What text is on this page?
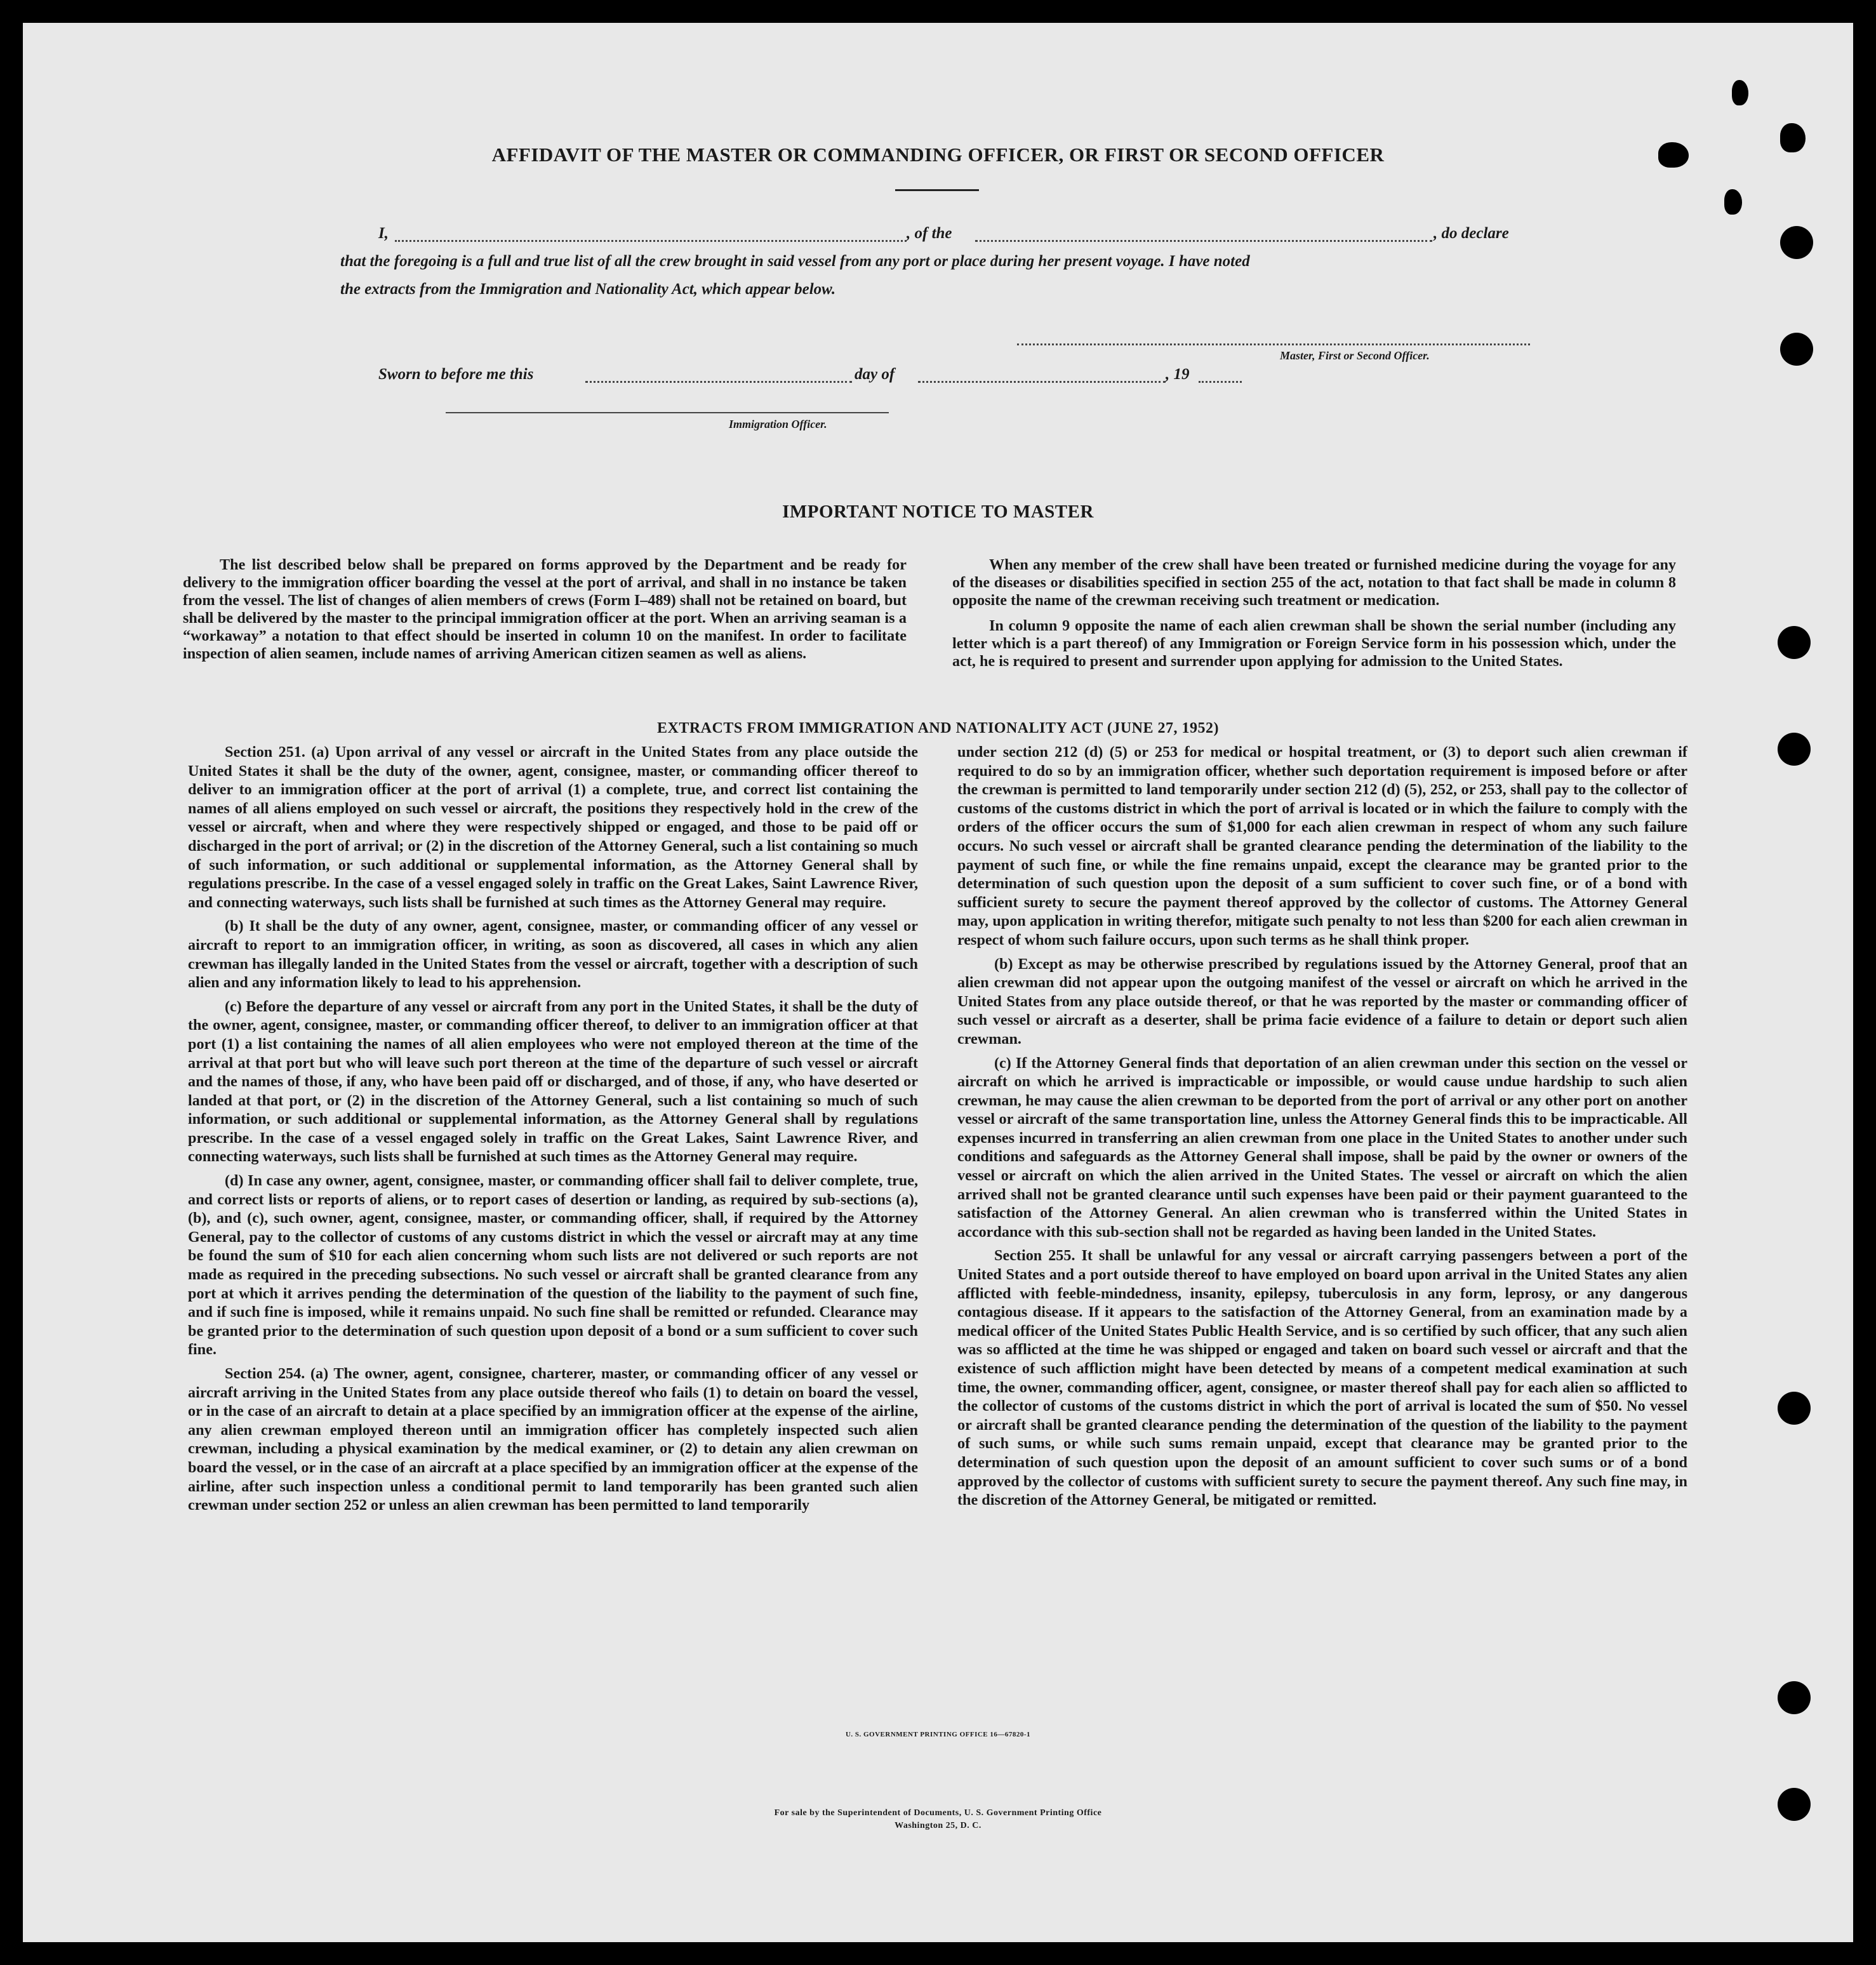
AFFIDAVIT OF THE MASTER OR COMMANDING OFFICER, OR FIRST OR SECOND OFFICER
I,	, of the	, do declare
that the foregoing is a full and true list of all the crew brought in said vessel from any port or place during her present voyage. I have noted
the extracts from the Immigration and Nationality Act, which appear below.
Master, First or Second Officer.
Sworn to before me this	day of	, 19
Immigration Officer.
IMPORTANT NOTICE TO MASTER

The list described below shall be prepared on forms approved by the Department and be ready for delivery to the immigration officer boarding the vessel at the port of arrival, and shall in no instance be taken from the vessel. The list of changes of alien members of crews (Form I–489) shall not be retained on board, but shall be delivered by the master to the principal immigration officer at the port. When an arriving seaman is a “workaway” a notation to that effect should be inserted in column 10 on the manifest. In order to facilitate inspection of alien seamen, include names of arriving American citizen seamen as well as aliens.

When any member of the crew shall have been treated or furnished medicine during the voyage for any of the diseases or disabilities specified in section 255 of the act, notation to that fact shall be made in column 8 opposite the name of the crewman receiving such treatment or medication.

In column 9 opposite the name of each alien crewman shall be shown the serial number (including any letter which is a part thereof) of any Immigration or Foreign Service form in his possession which, under the act, he is required to present and surrender upon applying for admission to the United States.

EXTRACTS FROM IMMIGRATION AND NATIONALITY ACT (JUNE 27, 1952)

Section 251. (a) Upon arrival of any vessel or aircraft in the United States from any place outside the United States it shall be the duty of the owner, agent, consignee, master, or commanding officer thereof to deliver to an immigration officer at the port of arrival (1) a complete, true, and correct list containing the names of all aliens employed on such vessel or aircraft, the positions they respectively hold in the crew of the vessel or aircraft, when and where they were respectively shipped or engaged, and those to be paid off or discharged in the port of arrival; or (2) in the discretion of the Attorney General, such a list containing so much of such information, or such additional or supplemental information, as the Attorney General shall by regulations prescribe. In the case of a vessel engaged solely in traffic on the Great Lakes, Saint Lawrence River, and connecting waterways, such lists shall be furnished at such times as the Attorney General may require.

(b) It shall be the duty of any owner, agent, consignee, master, or commanding officer of any vessel or aircraft to report to an immigration officer, in writing, as soon as discovered, all cases in which any alien crewman has illegally landed in the United States from the vessel or aircraft, together with a description of such alien and any information likely to lead to his apprehension.

(c) Before the departure of any vessel or aircraft from any port in the United States, it shall be the duty of the owner, agent, consignee, master, or commanding officer thereof, to deliver to an immigration officer at that port (1) a list containing the names of all alien employees who were not employed thereon at the time of the arrival at that port but who will leave such port thereon at the time of the departure of such vessel or aircraft and the names of those, if any, who have been paid off or discharged, and of those, if any, who have deserted or landed at that port, or (2) in the discretion of the Attorney General, such a list containing so much of such information, or such additional or supplemental information, as the Attorney General shall by regulations prescribe. In the case of a vessel engaged solely in traffic on the Great Lakes, Saint Lawrence River, and connecting waterways, such lists shall be furnished at such times as the Attorney General may require.

(d) In case any owner, agent, consignee, master, or commanding officer shall fail to deliver complete, true, and correct lists or reports of aliens, or to report cases of desertion or landing, as required by sub-sections (a), (b), and (c), such owner, agent, consignee, master, or commanding officer, shall, if required by the Attorney General, pay to the collector of customs of any customs district in which the vessel or aircraft may at any time be found the sum of $10 for each alien concerning whom such lists are not delivered or such reports are not made as required in the preceding subsections. No such vessel or aircraft shall be granted clearance from any port at which it arrives pending the determination of the question of the liability to the payment of such fine, and if such fine is imposed, while it remains unpaid. No such fine shall be remitted or refunded. Clearance may be granted prior to the determination of such question upon deposit of a bond or a sum sufficient to cover such fine.

Section 254. (a) The owner, agent, consignee, charterer, master, or commanding officer of any vessel or aircraft arriving in the United States from any place outside thereof who fails (1) to detain on board the vessel, or in the case of an aircraft to detain at a place specified by an immigration officer at the expense of the airline, any alien crewman employed thereon until an immigration officer has completely inspected such alien crewman, including a physical examination by the medical examiner, or (2) to detain any alien crewman on board the vessel, or in the case of an aircraft at a place specified by an immigration officer at the expense of the airline, after such inspection unless a conditional permit to land temporarily has been granted such alien crewman under section 252 or unless an alien crewman has been permitted to land temporarily

under section 212 (d) (5) or 253 for medical or hospital treatment, or (3) to deport such alien crewman if required to do so by an immigration officer, whether such deportation requirement is imposed before or after the crewman is permitted to land temporarily under section 212 (d) (5), 252, or 253, shall pay to the collector of customs of the customs district in which the port of arrival is located or in which the failure to comply with the orders of the officer occurs the sum of $1,000 for each alien crewman in respect of whom any such failure occurs. No such vessel or aircraft shall be granted clearance pending the determination of the liability to the payment of such fine, or while the fine remains unpaid, except the clearance may be granted prior to the determination of such question upon the deposit of a sum sufficient to cover such fine, or of a bond with sufficient surety to secure the payment thereof approved by the collector of customs. The Attorney General may, upon application in writing therefor, mitigate such penalty to not less than $200 for each alien crewman in respect of whom such failure occurs, upon such terms as he shall think proper.

(b) Except as may be otherwise prescribed by regulations issued by the Attorney General, proof that an alien crewman did not appear upon the outgoing manifest of the vessel or aircraft on which he arrived in the United States from any place outside thereof, or that he was reported by the master or commanding officer of such vessel or aircraft as a deserter, shall be prima facie evidence of a failure to detain or deport such alien crewman.

(c) If the Attorney General finds that deportation of an alien crewman under this section on the vessel or aircraft on which he arrived is impracticable or impossible, or would cause undue hardship to such alien crewman, he may cause the alien crewman to be deported from the port of arrival or any other port on another vessel or aircraft of the same transportation line, unless the Attorney General finds this to be impracticable. All expenses incurred in transferring an alien crewman from one place in the United States to another under such conditions and safeguards as the Attorney General shall impose, shall be paid by the owner or owners of the vessel or aircraft on which the alien arrived in the United States. The vessel or aircraft on which the alien arrived shall not be granted clearance until such expenses have been paid or their payment guaranteed to the satisfaction of the Attorney General. An alien crewman who is transferred within the United States in accordance with this sub-section shall not be regarded as having been landed in the United States.

Section 255. It shall be unlawful for any vessal or aircraft carrying passengers between a port of the United States and a port outside thereof to have employed on board upon arrival in the United States any alien afflicted with feeble-mindedness, insanity, epilepsy, tuberculosis in any form, leprosy, or any dangerous contagious disease. If it appears to the satisfaction of the Attorney General, from an examination made by a medical officer of the United States Public Health Service, and is so certified by such officer, that any such alien was so afflicted at the time he was shipped or engaged and taken on board such vessel or aircraft and that the existence of such affliction might have been detected by means of a competent medical examination at such time, the owner, commanding officer, agent, consignee, or master thereof shall pay for each alien so afflicted to the collector of customs of the customs district in which the port of arrival is located the sum of $50. No vessel or aircraft shall be granted clearance pending the determination of the question of the liability to the payment of such sums, or while such sums remain unpaid, except that clearance may be granted prior to the determination of such question upon the deposit of an amount sufficient to cover such sums or of a bond approved by the collector of customs with sufficient surety to secure the payment thereof. Any such fine may, in the discretion of the Attorney General, be mitigated or remitted.

U. S. GOVERNMENT PRINTING OFFICE 16—67820-1
For sale by the Superintendent of Documents, U. S. Government Printing Office
Washington 25, D. C.
